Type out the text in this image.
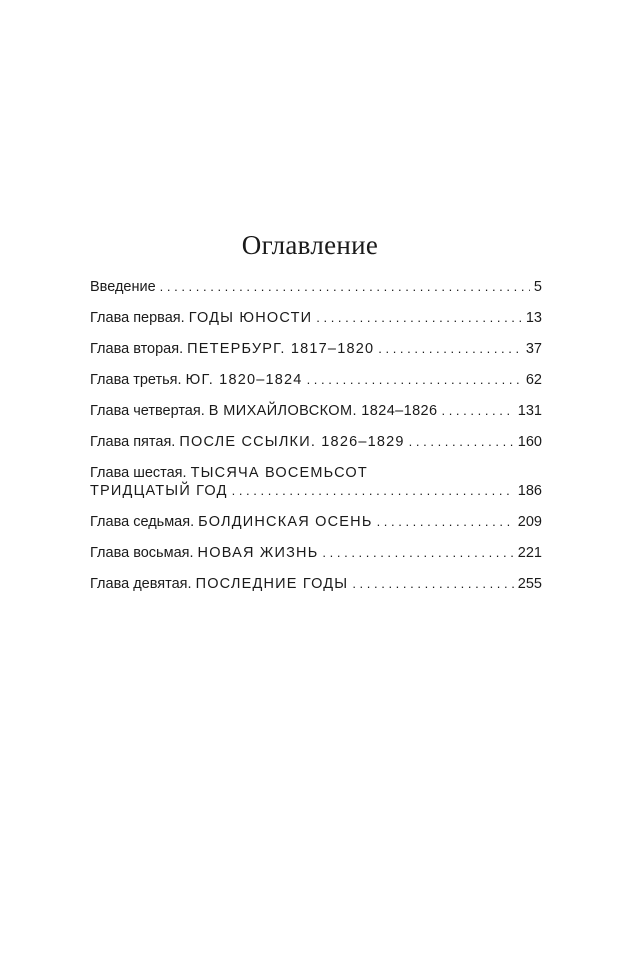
Оглавление
Введение . . .	5
Глава первая. ГОДЫ ЮНОСТИ . . .	13
Глава вторая. ПЕТЕРБУРГ. 1817–1820 . . .	37
Глава третья. ЮГ. 1820–1824 . . .	62
Глава четвертая. В МИХАЙЛОВСКОМ. 1824–1826 . . .	131
Глава пятая. ПОСЛЕ ССЫЛКИ. 1826–1829 . . .	160
Глава шестая. ТЫСЯЧА ВОСЕМЬСОТ
ТРИДЦАТЫЙ ГОД . . .	186
Глава седьмая. БОЛДИНСКАЯ ОСЕНЬ . . .	209
Глава восьмая. НОВАЯ ЖИЗНЬ . . .	221
Глава девятая. ПОСЛЕДНИЕ ГОДЫ . . .	255
